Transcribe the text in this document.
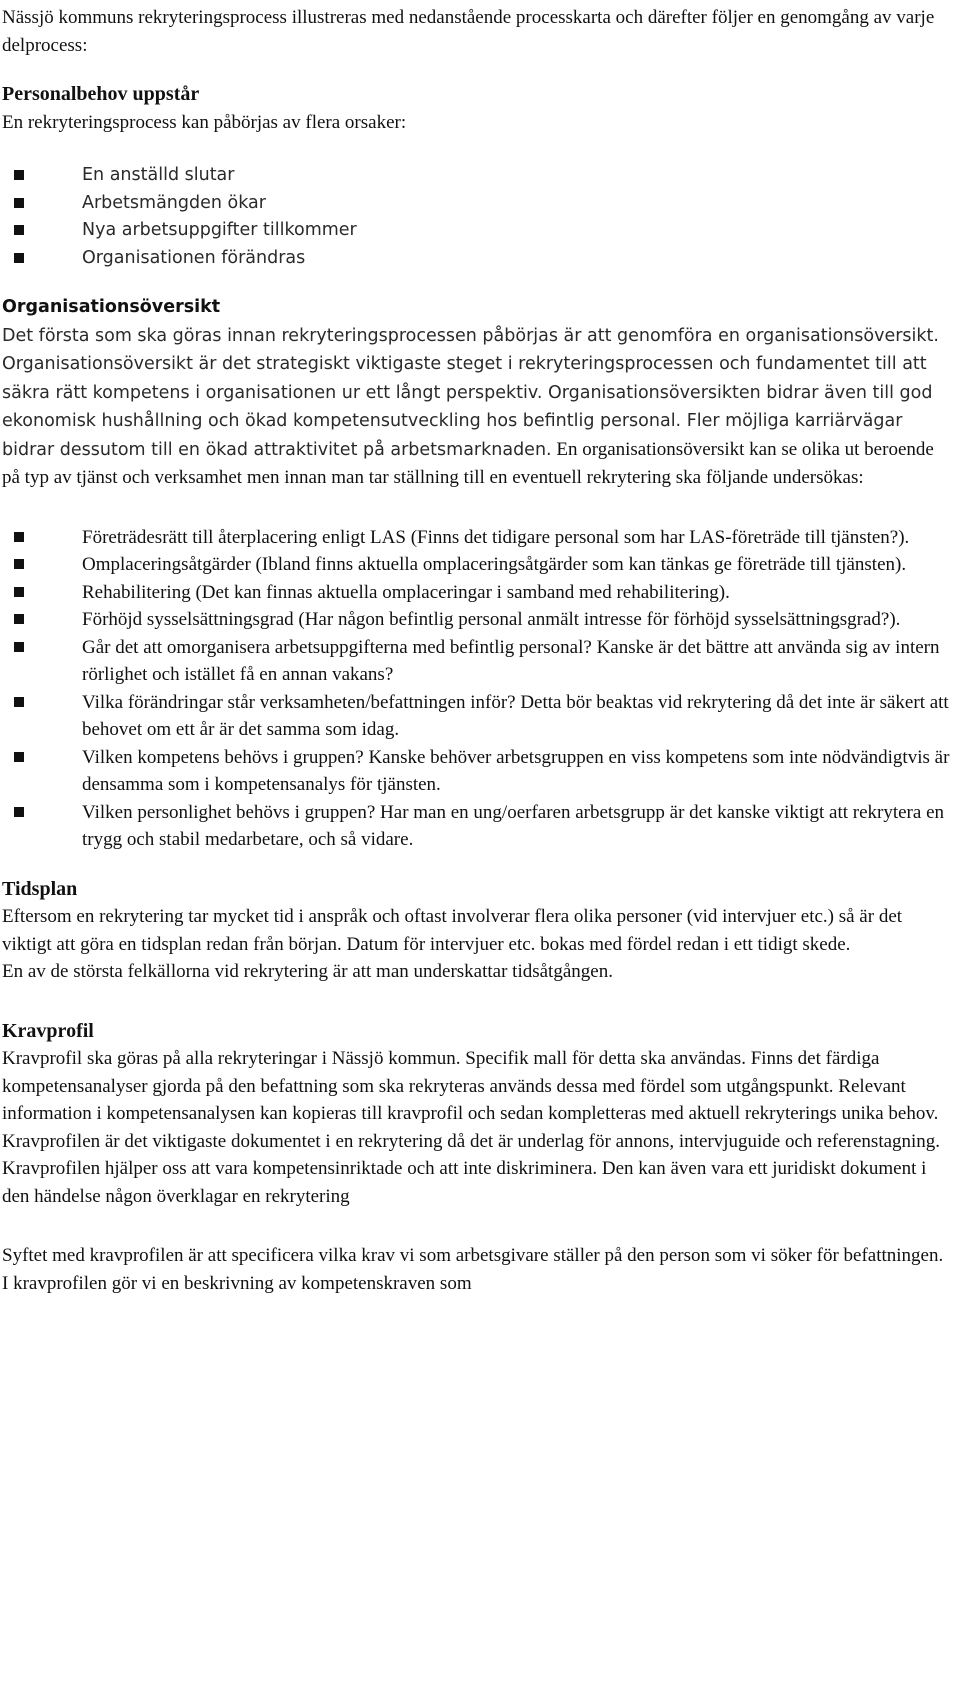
Nässjö kommuns rekryteringsprocess illustreras med nedanstående processkarta och därefter följer en genomgång av varje delprocess:

Personalbehov uppstår

En rekryteringsprocess kan påbörjas av flera orsaker:

En anställd slutar
Arbetsmängden ökar
Nya arbetsuppgifter tillkommer
Organisationen förändras
Organisationsöversikt

Det första som ska göras innan rekryteringsprocessen påbörjas är att genomföra en organisationsöversikt. Organisationsöversikt är det strategiskt viktigaste steget i rekryteringsprocessen och fundamentet till att säkra rätt kompetens i organisationen ur ett långt perspektiv. Organisationsöversikten bidrar även till god ekonomisk hushållning och ökad kompetensutveckling hos befintlig personal. Fler möjliga karriärvägar bidrar dessutom till en ökad attraktivitet på arbetsmarknaden. En organisationsöversikt kan se olika ut beroende på typ av tjänst och verksamhet men innan man tar ställning till en eventuell rekrytering ska följande undersökas:

Företrädesrätt till återplacering enligt LAS (Finns det tidigare personal som har LAS-företräde till tjänsten?).
Omplaceringsåtgärder (Ibland finns aktuella omplaceringsåtgärder som kan tänkas ge företräde till tjänsten).
Rehabilitering (Det kan finnas aktuella omplaceringar i samband med rehabilitering).
Förhöjd sysselsättningsgrad (Har någon befintlig personal anmält intresse för förhöjd sysselsättningsgrad?).
Går det att omorganisera arbetsuppgifterna med befintlig personal? Kanske är det bättre att använda sig av intern rörlighet och istället få en annan vakans?
Vilka förändringar står verksamheten/befattningen inför? Detta bör beaktas vid rekrytering då det inte är säkert att behovet om ett år är det samma som idag.
Vilken kompetens behövs i gruppen? Kanske behöver arbetsgruppen en viss kompetens som inte nödvändigtvis är densamma som i kompetensanalys för tjänsten.
Vilken personlighet behövs i gruppen? Har man en ung/oerfaren arbetsgrupp är det kanske viktigt att rekrytera en trygg och stabil medarbetare, och så vidare.
Tidsplan

Eftersom en rekrytering tar mycket tid i anspråk och oftast involverar flera olika personer (vid intervjuer etc.) så är det viktigt att göra en tidsplan redan från början. Datum för intervjuer etc. bokas med fördel redan i ett tidigt skede.

En av de största felkällorna vid rekrytering är att man underskattar tidsåtgången.

Kravprofil

Kravprofil ska göras på alla rekryteringar i Nässjö kommun. Specifik mall för detta ska användas. Finns det färdiga kompetensanalyser gjorda på den befattning som ska rekryteras används dessa med fördel som utgångspunkt. Relevant information i kompetensanalysen kan kopieras till kravprofil och sedan kompletteras med aktuell rekryterings unika behov. Kravprofilen är det viktigaste dokumentet i en rekrytering då det är underlag för annons, intervjuguide och referenstagning. Kravprofilen hjälper oss att vara kompetensinriktade och att inte diskriminera. Den kan även vara ett juridiskt dokument i den händelse någon överklagar en rekrytering

Syftet med kravprofilen är att specificera vilka krav vi som arbetsgivare ställer på den person som vi söker för befattningen. I kravprofilen gör vi en beskrivning av kompetenskraven som
